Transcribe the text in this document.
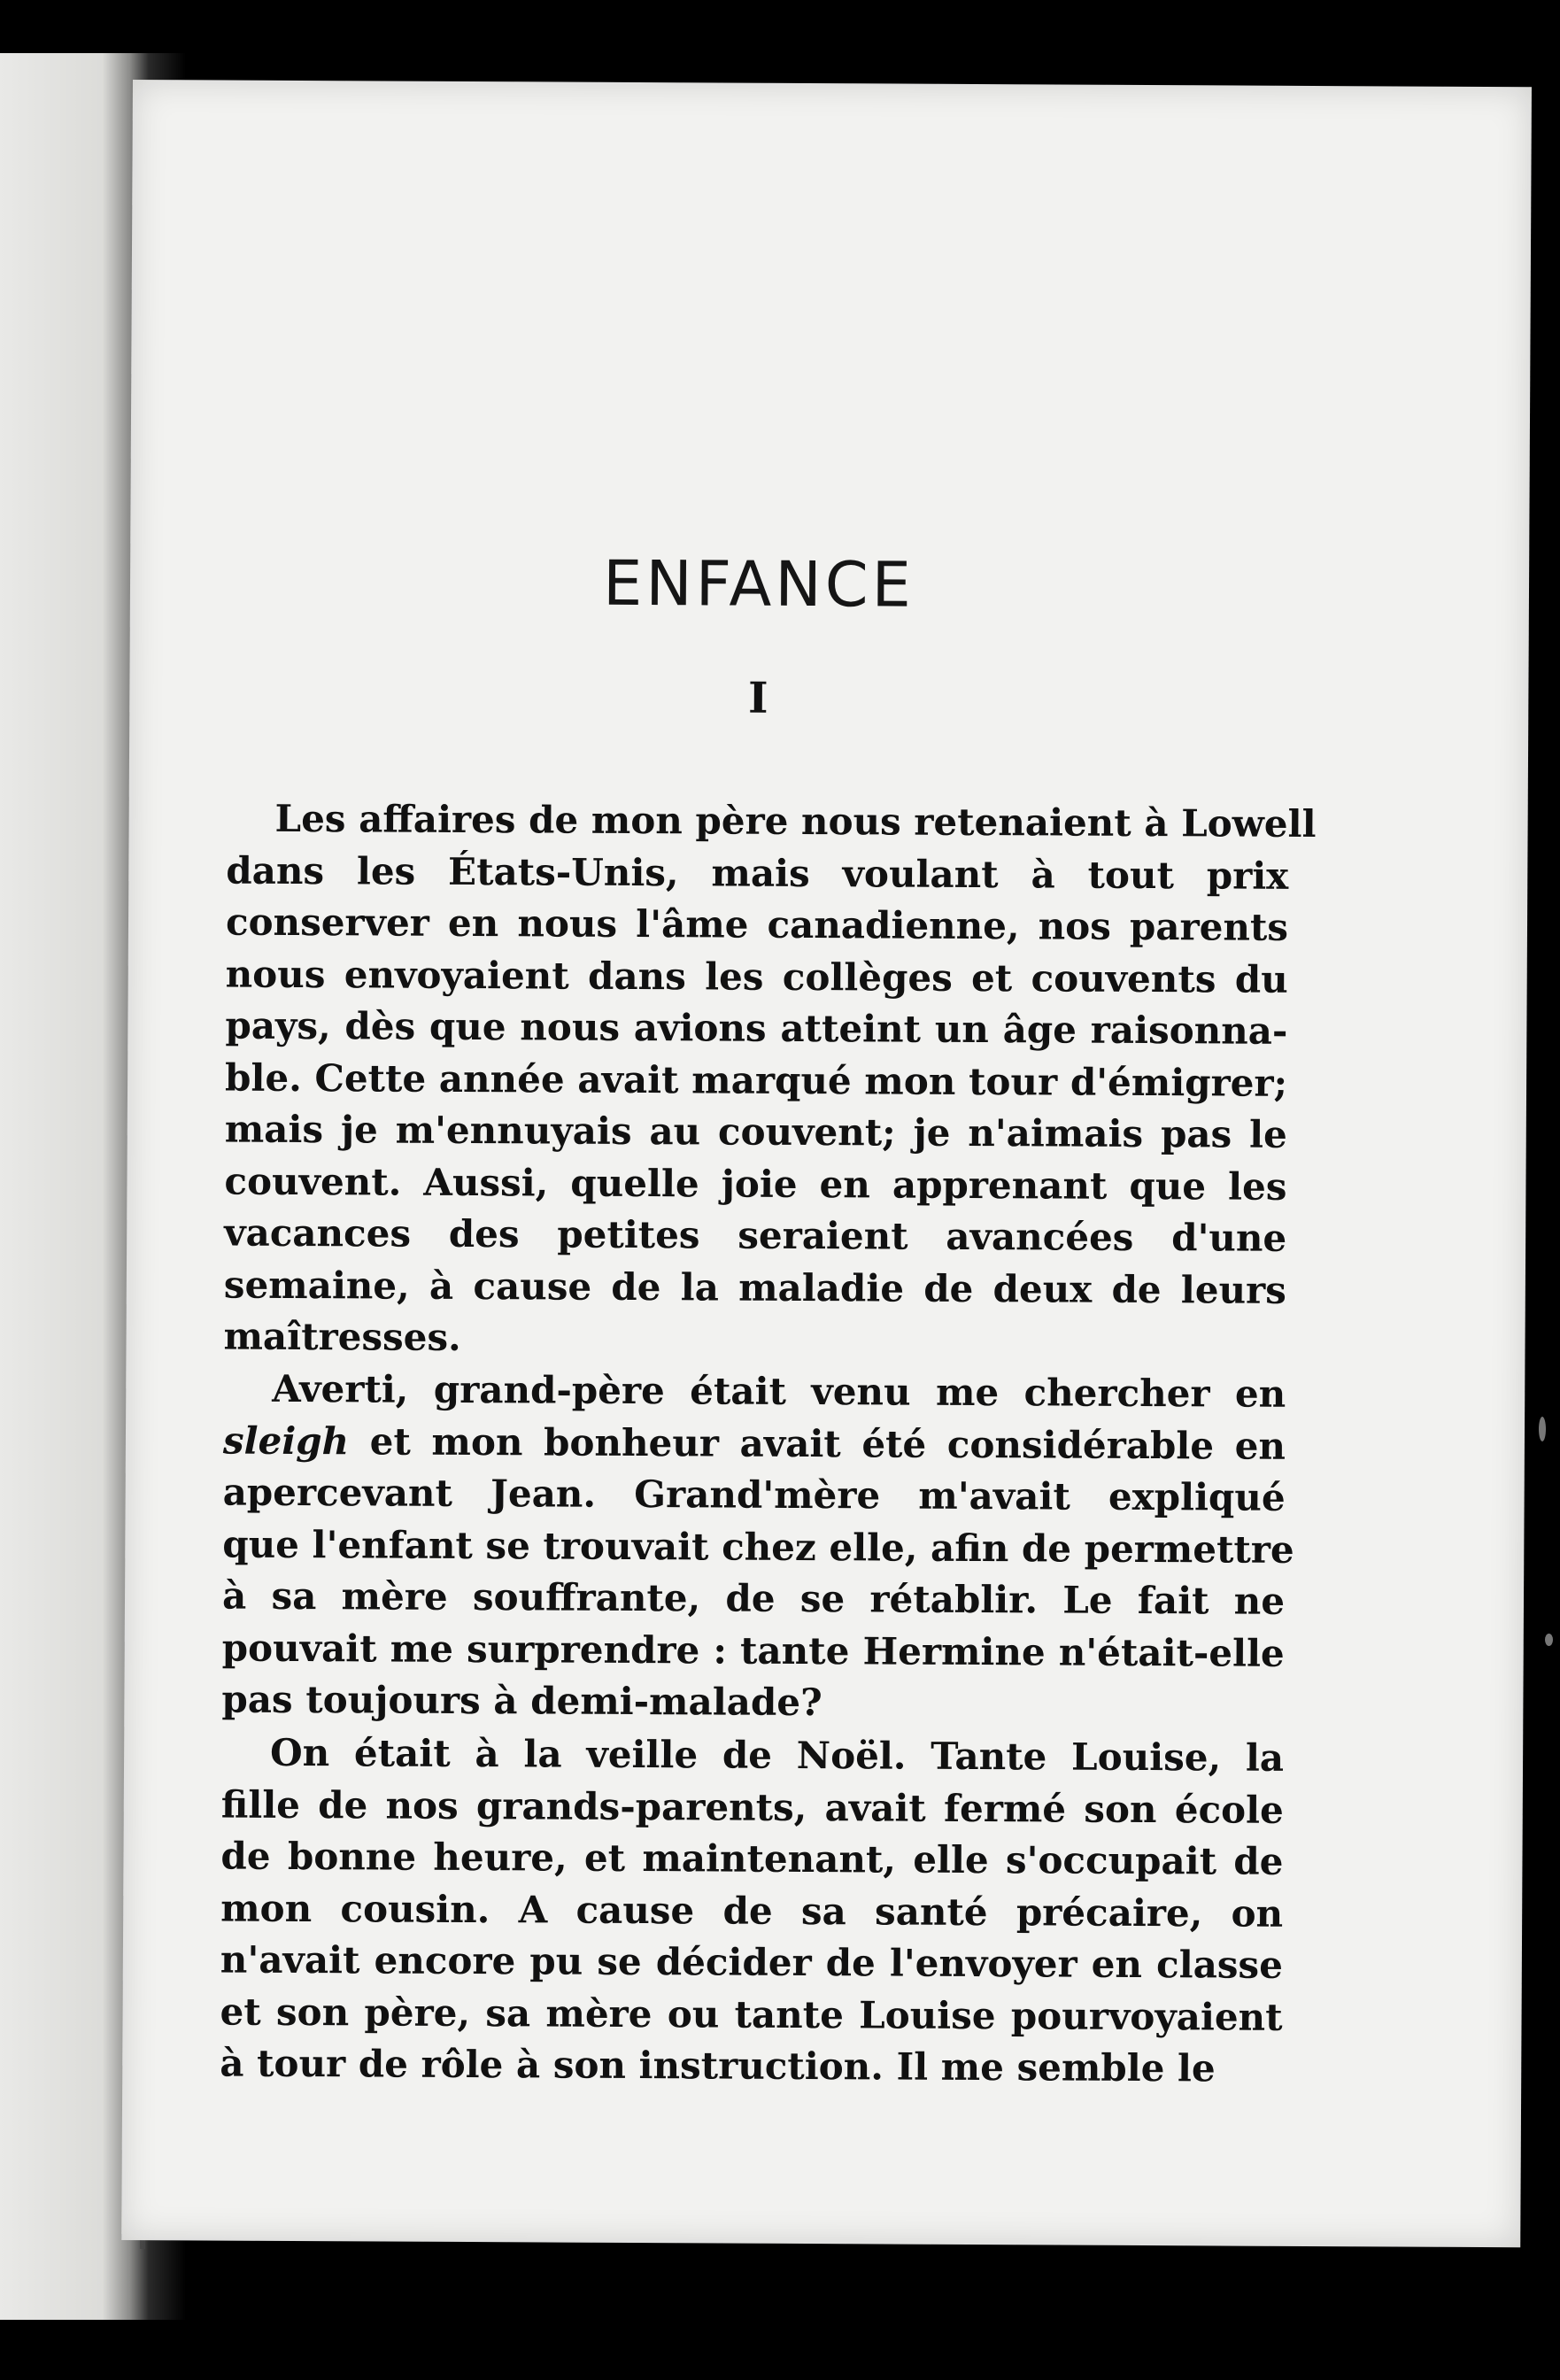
ENFANCE
I

Les affaires de mon père nous retenaient à Lowell
dans les États-Unis, mais voulant à tout prix
conserver en nous l'âme canadienne, nos parents
nous envoyaient dans les collèges et couvents du
pays, dès que nous avions atteint un âge raisonna-
ble. Cette année avait marqué mon tour d'émigrer;
mais je m'ennuyais au couvent; je n'aimais pas le
couvent. Aussi, quelle joie en apprenant que les
vacances des petites seraient avancées d'une
semaine, à cause de la maladie de deux de leurs
maîtresses.

Averti, grand-père était venu me chercher en
sleigh et mon bonheur avait été considérable en
apercevant Jean. Grand'mère m'avait expliqué
que l'enfant se trouvait chez elle, afin de permettre
à sa mère souffrante, de se rétablir. Le fait ne
pouvait me surprendre : tante Hermine n'était-elle
pas toujours à demi-malade?

On était à la veille de Noël. Tante Louise, la
fille de nos grands-parents, avait fermé son école
de bonne heure, et maintenant, elle s'occupait de
mon cousin. A cause de sa santé précaire, on
n'avait encore pu se décider de l'envoyer en classe
et son père, sa mère ou tante Louise pourvoyaient
à tour de rôle à son instruction. Il me semble le
